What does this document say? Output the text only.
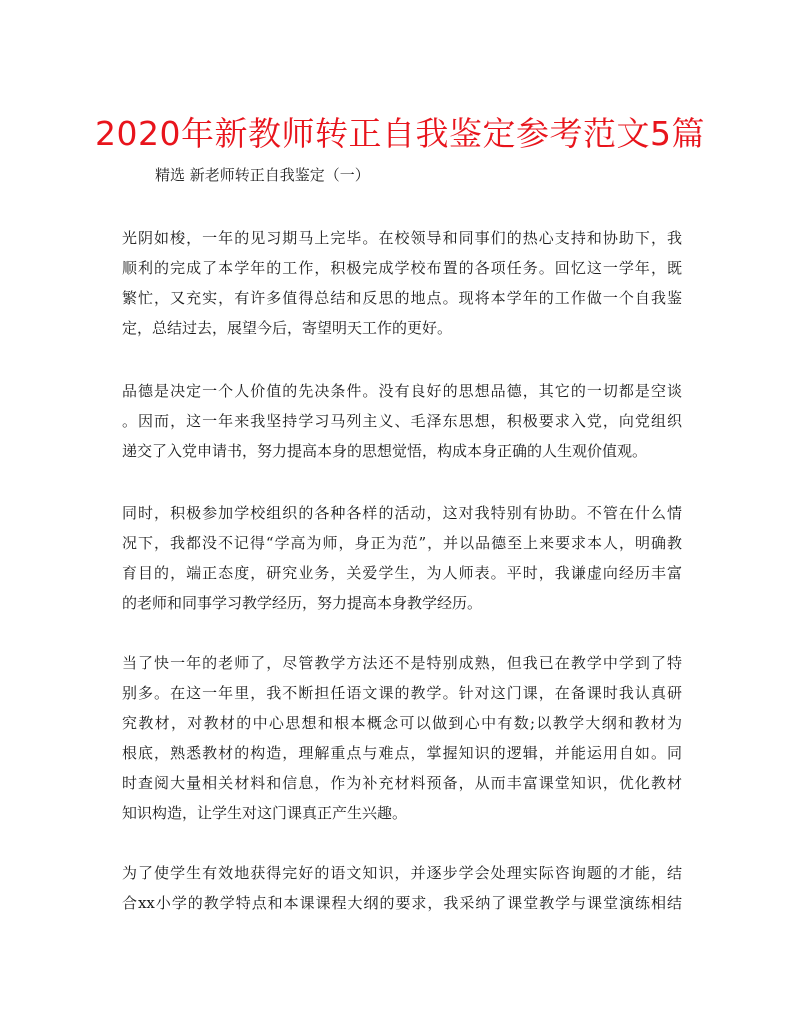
2020年新教师转正自我鉴定参考范文5篇
精选 新老师转正自我鉴定（一）
光阴如梭，一年的见习期马上完毕。在校领导和同事们的热心支持和协助下，我
顺利的完成了本学年的工作，积极完成学校布置的各项任务。回忆这一学年，既
繁忙，又充实，有许多值得总结和反思的地点。现将本学年的工作做一个自我鉴
定，总结过去，展望今后，寄望明天工作的更好。
品德是决定一个人价值的先决条件。没有良好的思想品德，其它的一切都是空谈
。因而，这一年来我坚持学习马列主义、毛泽东思想，积极要求入党，向党组织
递交了入党申请书，努力提高本身的思想觉悟，构成本身正确的人生观价值观。
同时，积极参加学校组织的各种各样的活动，这对我特别有协助。不管在什么情
况下，我都没不记得“学高为师，身正为范”，并以品德至上来要求本人，明确教
育目的，端正态度，研究业务，关爱学生，为人师表。平时，我谦虚向经历丰富
的老师和同事学习教学经历，努力提高本身教学经历。
当了快一年的老师了，尽管教学方法还不是特别成熟，但我已在教学中学到了特
别多。在这一年里，我不断担任语文课的教学。针对这门课，在备课时我认真研
究教材，对教材的中心思想和根本概念可以做到心中有数;以教学大纲和教材为
根底，熟悉教材的构造，理解重点与难点，掌握知识的逻辑，并能运用自如。同
时查阅大量相关材料和信息，作为补充材料预备，从而丰富课堂知识，优化教材
知识构造，让学生对这门课真正产生兴趣。
为了使学生有效地获得完好的语文知识，并逐步学会处理实际咨询题的才能，结
合xx小学的教学特点和本课课程大纲的要求，我采纳了课堂教学与课堂演练相结
